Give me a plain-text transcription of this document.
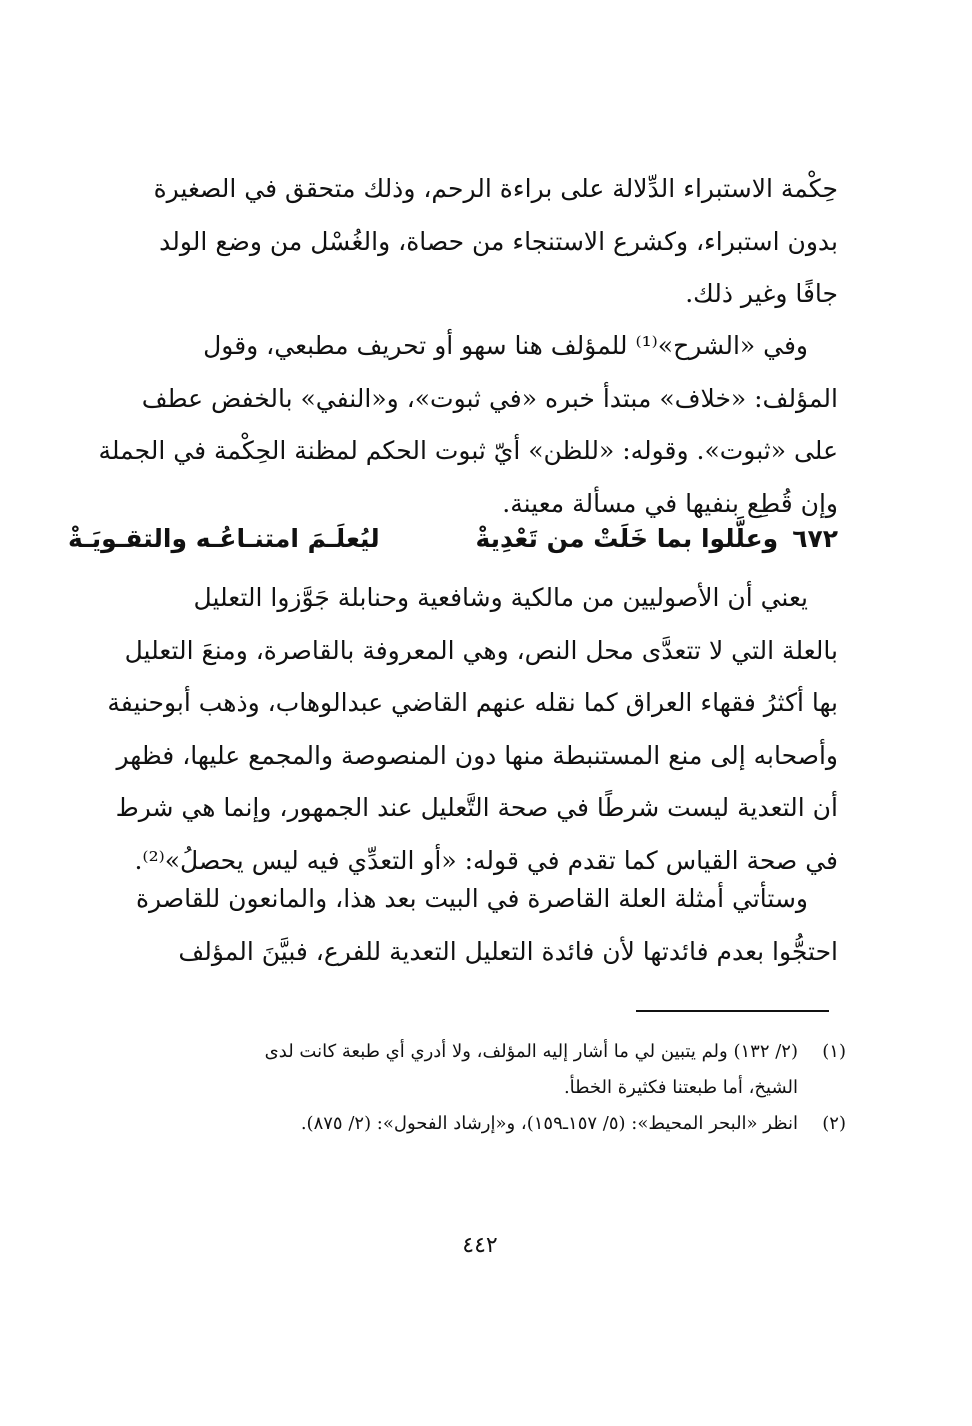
حِكْمة الاستبراء الدِّلالة على براءة الرحم، وذلك متحقق في الصغيرة
بدون استبراء، وكشرع الاستنجاء من حصاة، والغُسْل من وضع الولد
جافًا وغير ذلك.
وفي «الشرح»⁽¹⁾ للمؤلف هنا سهو أو تحريف مطبعي، وقول
المؤلف: «خلاف» مبتدأ خبره «في ثبوت»، و«النفي» بالخفض عطف
على «ثبوت». وقوله: «للظن» أيّ ثبوت الحكم لمظنة الحِكْمة في الجملة
وإن قُطِع بنفيها في مسألة معينة.
٦٧٢وعلَّلوا بما خَلَتْ من تَعْدِيةْ
ليُعلَـمَ امتنـاعُـه والتقـويَـةْ
يعني أن الأصوليين من مالكية وشافعية وحنابلة جَوَّزوا التعليل
بالعلة التي لا تتعدَّى محل النص، وهي المعروفة بالقاصرة، ومنعَ التعليل
بها أكثرُ فقهاء العراق كما نقله عنهم القاضي عبدالوهاب، وذهب أبوحنيفة
وأصحابه إلى منع المستنبطة منها دون المنصوصة والمجمع عليها، فظهر
أن التعدية ليست شرطًا في صحة التَّعليل عند الجمهور، وإنما هي شرط
في صحة القياس كما تقدم في قوله: «أو التعدِّي فيه ليس يحصلُ»⁽²⁾.
وستأتي أمثلة العلة القاصرة في البيت بعد هذا، والمانعون للقاصرة
احتجُّوا بعدم فائدتها لأن فائدة التعليل التعدية للفرع، فبيَّنَ المؤلف
(١)(٢/ ١٣٢) ولم يتبين لي ما أشار إليه المؤلف، ولا أدري أي طبعة كانت لدى
الشيخ، أما طبعتنا فكثيرة الخطأ.
(٢)انظر «البحر المحيط»: (٥/ ١٥٧ـ١٥٩)، و«إرشاد الفحول»: (٢/ ٨٧٥).
٤٤٢
